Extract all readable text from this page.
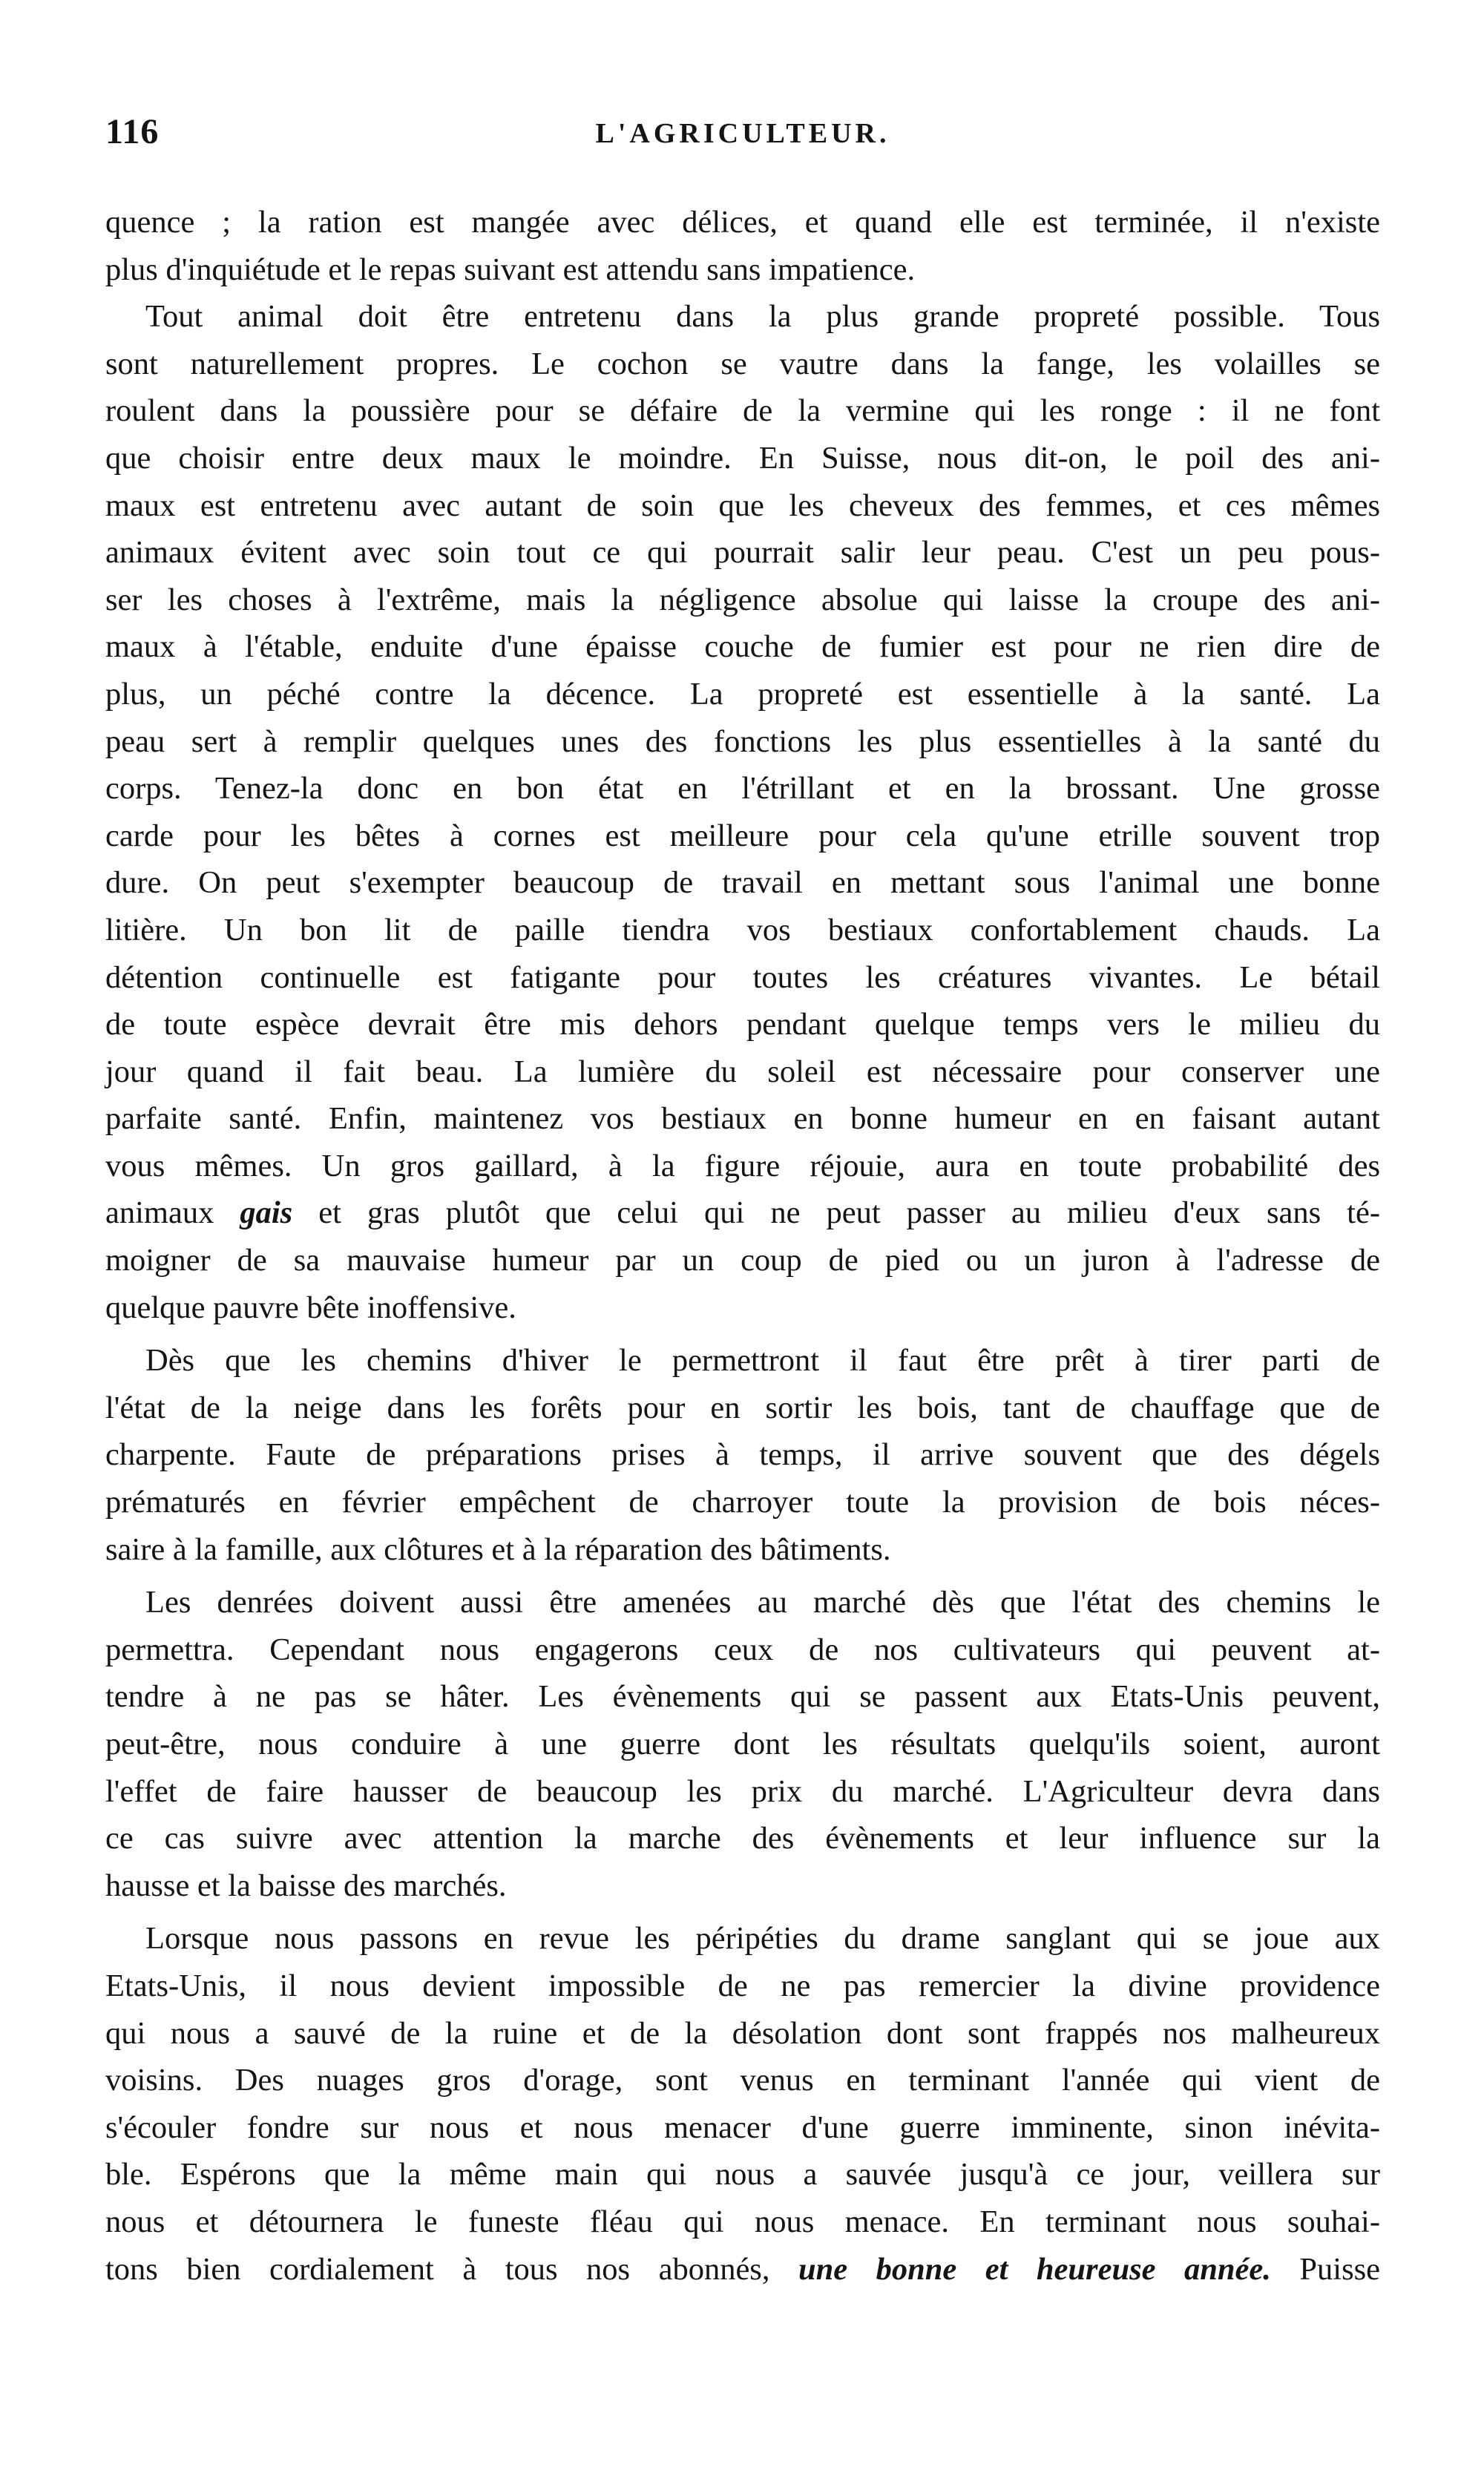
116	L'AGRICULTEUR.
quence ; la ration est mangée avec délices, et quand elle est terminée, il n'existe
plus d'inquiétude et le repas suivant est attendu sans impatience.
Tout animal doit être entretenu dans la plus grande propreté possible. Tous
sont naturellement propres. Le cochon se vautre dans la fange, les volailles se
roulent dans la poussière pour se défaire de la vermine qui les ronge : il ne font
que choisir entre deux maux le moindre. En Suisse, nous dit-on, le poil des ani-
maux est entretenu avec autant de soin que les cheveux des femmes, et ces mêmes
animaux évitent avec soin tout ce qui pourrait salir leur peau. C'est un peu pous-
ser les choses à l'extrême, mais la négligence absolue qui laisse la croupe des ani-
maux à l'étable, enduite d'une épaisse couche de fumier est pour ne rien dire de
plus, un péché contre la décence. La propreté est essentielle à la santé. La
peau sert à remplir quelques unes des fonctions les plus essentielles à la santé du
corps. Tenez-la donc en bon état en l'étrillant et en la brossant. Une grosse
carde pour les bêtes à cornes est meilleure pour cela qu'une etrille souvent trop
dure. On peut s'exempter beaucoup de travail en mettant sous l'animal une bonne
litière. Un bon lit de paille tiendra vos bestiaux confortablement chauds. La
détention continuelle est fatigante pour toutes les créatures vivantes. Le bétail
de toute espèce devrait être mis dehors pendant quelque temps vers le milieu du
jour quand il fait beau. La lumière du soleil est nécessaire pour conserver une
parfaite santé. Enfin, maintenez vos bestiaux en bonne humeur en en faisant autant
vous mêmes. Un gros gaillard, à la figure réjouie, aura en toute probabilité des
animaux gais et gras plutôt que celui qui ne peut passer au milieu d'eux sans té-
moigner de sa mauvaise humeur par un coup de pied ou un juron à l'adresse de
quelque pauvre bête inoffensive.
Dès que les chemins d'hiver le permettront il faut être prêt à tirer parti de
l'état de la neige dans les forêts pour en sortir les bois, tant de chauffage que de
charpente. Faute de préparations prises à temps, il arrive souvent que des dégels
prématurés en février empêchent de charroyer toute la provision de bois néces-
saire à la famille, aux clôtures et à la réparation des bâtiments.
Les denrées doivent aussi être amenées au marché dès que l'état des chemins le
permettra. Cependant nous engagerons ceux de nos cultivateurs qui peuvent at-
tendre à ne pas se hâter. Les évènements qui se passent aux Etats-Unis peuvent,
peut-être, nous conduire à une guerre dont les résultats quelqu'ils soient, auront
l'effet de faire hausser de beaucoup les prix du marché. L'Agriculteur devra dans
ce cas suivre avec attention la marche des évènements et leur influence sur la
hausse et la baisse des marchés.
Lorsque nous passons en revue les péripéties du drame sanglant qui se joue aux
Etats-Unis, il nous devient impossible de ne pas remercier la divine providence
qui nous a sauvé de la ruine et de la désolation dont sont frappés nos malheureux
voisins. Des nuages gros d'orage, sont venus en terminant l'année qui vient de
s'écouler fondre sur nous et nous menacer d'une guerre imminente, sinon inévita-
ble. Espérons que la même main qui nous a sauvée jusqu'à ce jour, veillera sur
nous et détournera le funeste fléau qui nous menace. En terminant nous souhai-
tons bien cordialement à tous nos abonnés, une bonne et heureuse année. Puisse
